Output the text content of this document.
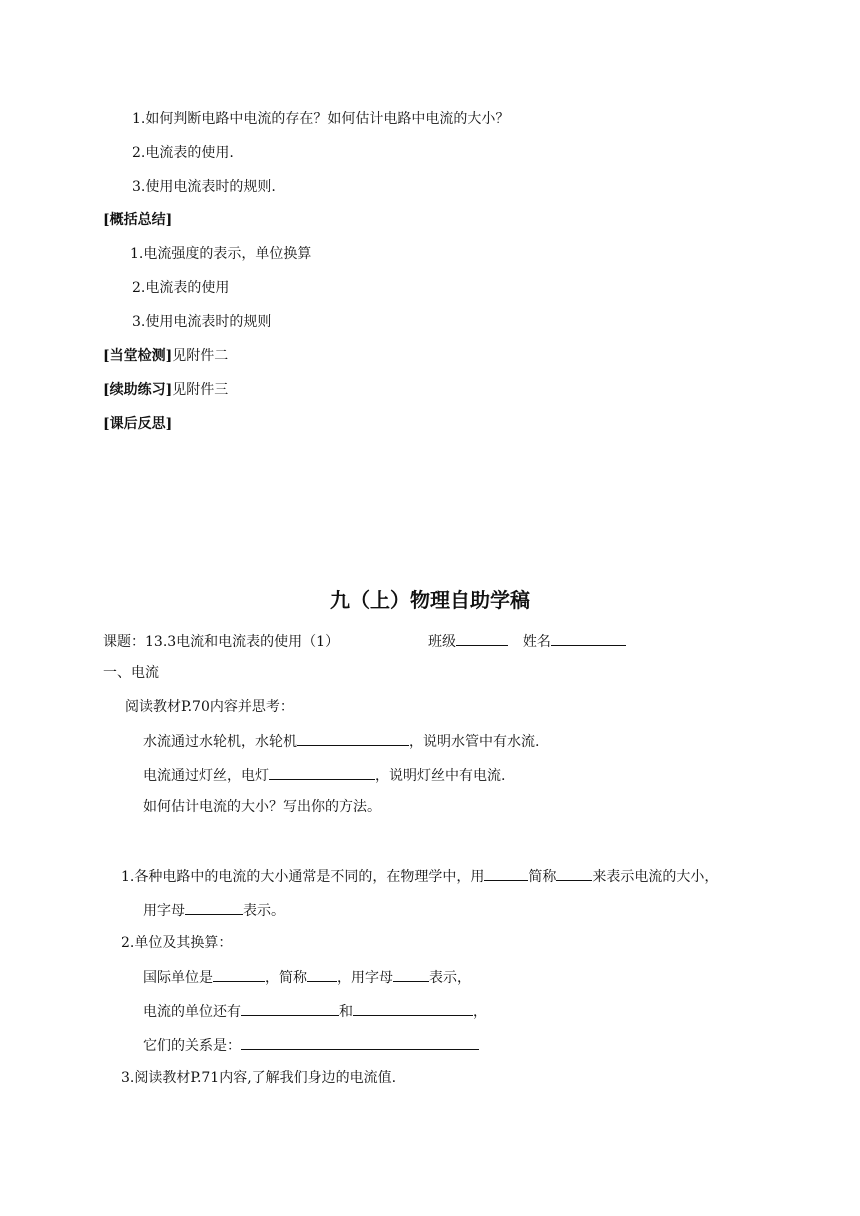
1.如何判断电路中电流的存在？如何估计电路中电流的大小？
2.电流表的使用.
3.使用电流表时的规则.
[概括总结]
1.电流强度的表示，单位换算
2.电流表的使用
3.使用电流表时的规则
[当堂检测]见附件二
[续助练习]见附件三
[课后反思]
九（上）物理自助学稿
课题：13.3电流和电流表的使用（1）	班级	姓名
一、电流
阅读教材P.70内容并思考：
水流通过水轮机，水轮机	，说明水管中有水流.
电流通过灯丝，电灯	，说明灯丝中有电流.
如何估计电流的大小？写出你的方法。
1.各种电路中的电流的大小通常是不同的，在物理学中，用	简称	来表示电流的大小，
用字母	表示。
2.单位及其换算：
国际单位是	，简称 ，用字母	表示，
电流的单位还有	和	，
它们的关系是：
3.阅读教材P.71内容,了解我们身边的电流值.
